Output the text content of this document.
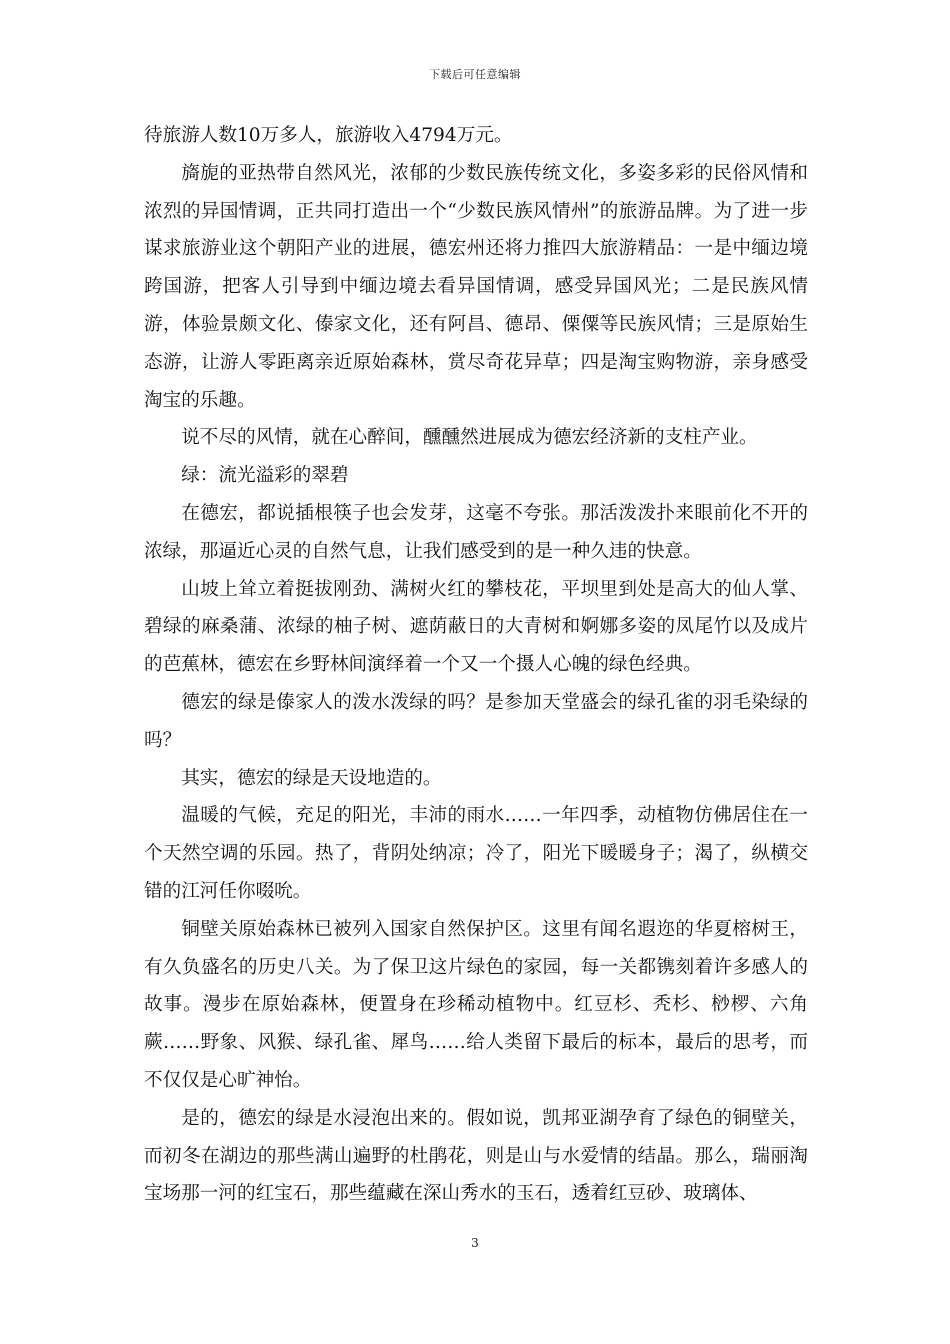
下载后可任意编辑

待旅游人数10万多人，旅游收入4794万元。

旖旎的亚热带自然风光，浓郁的少数民族传统文化，多姿多彩的民俗风情和浓烈的异国情调，正共同打造出一个“少数民族风情州”的旅游品牌。为了进一步谋求旅游业这个朝阳产业的进展，德宏州还将力推四大旅游精品：一是中缅边境跨国游，把客人引导到中缅边境去看异国情调，感受异国风光；二是民族风情游，体验景颇文化、傣家文化，还有阿昌、德昂、傈僳等民族风情；三是原始生态游，让游人零距离亲近原始森林，赏尽奇花异草；四是淘宝购物游，亲身感受淘宝的乐趣。

说不尽的风情，就在心醉间，醺醺然进展成为德宏经济新的支柱产业。

绿：流光溢彩的翠碧

在德宏，都说插根筷子也会发芽，这毫不夸张。那活泼泼扑来眼前化不开的浓绿，那逼近心灵的自然气息，让我们感受到的是一种久违的快意。

山坡上耸立着挺拔刚劲、满树火红的攀枝花，平坝里到处是高大的仙人掌、碧绿的麻桑蒲、浓绿的柚子树、遮荫蔽日的大青树和婀娜多姿的凤尾竹以及成片的芭蕉林，德宏在乡野林间演绎着一个又一个摄人心魄的绿色经典。

德宏的绿是傣家人的泼水泼绿的吗？是参加天堂盛会的绿孔雀的羽毛染绿的吗？

其实，德宏的绿是天设地造的。

温暖的气候，充足的阳光，丰沛的雨水……一年四季，动植物仿佛居住在一个天然空调的乐园。热了，背阴处纳凉；冷了，阳光下暖暖身子；渴了，纵横交错的江河任你啜吮。

铜壁关原始森林已被列入国家自然保护区。这里有闻名遐迩的华夏榕树王，有久负盛名的历史八关。为了保卫这片绿色的家园，每一关都镌刻着许多感人的故事。漫步在原始森林，便置身在珍稀动植物中。红豆杉、秃杉、桫椤、六角蕨……野象、风猴、绿孔雀、犀鸟……给人类留下最后的标本，最后的思考，而不仅仅是心旷神怡。

是的，德宏的绿是水浸泡出来的。假如说，凯邦亚湖孕育了绿色的铜壁关，而初冬在湖边的那些满山遍野的杜鹃花，则是山与水爱情的结晶。那么，瑞丽淘宝场那一河的红宝石，那些蕴藏在深山秀水的玉石，透着红豆砂、玻璃体、

3
